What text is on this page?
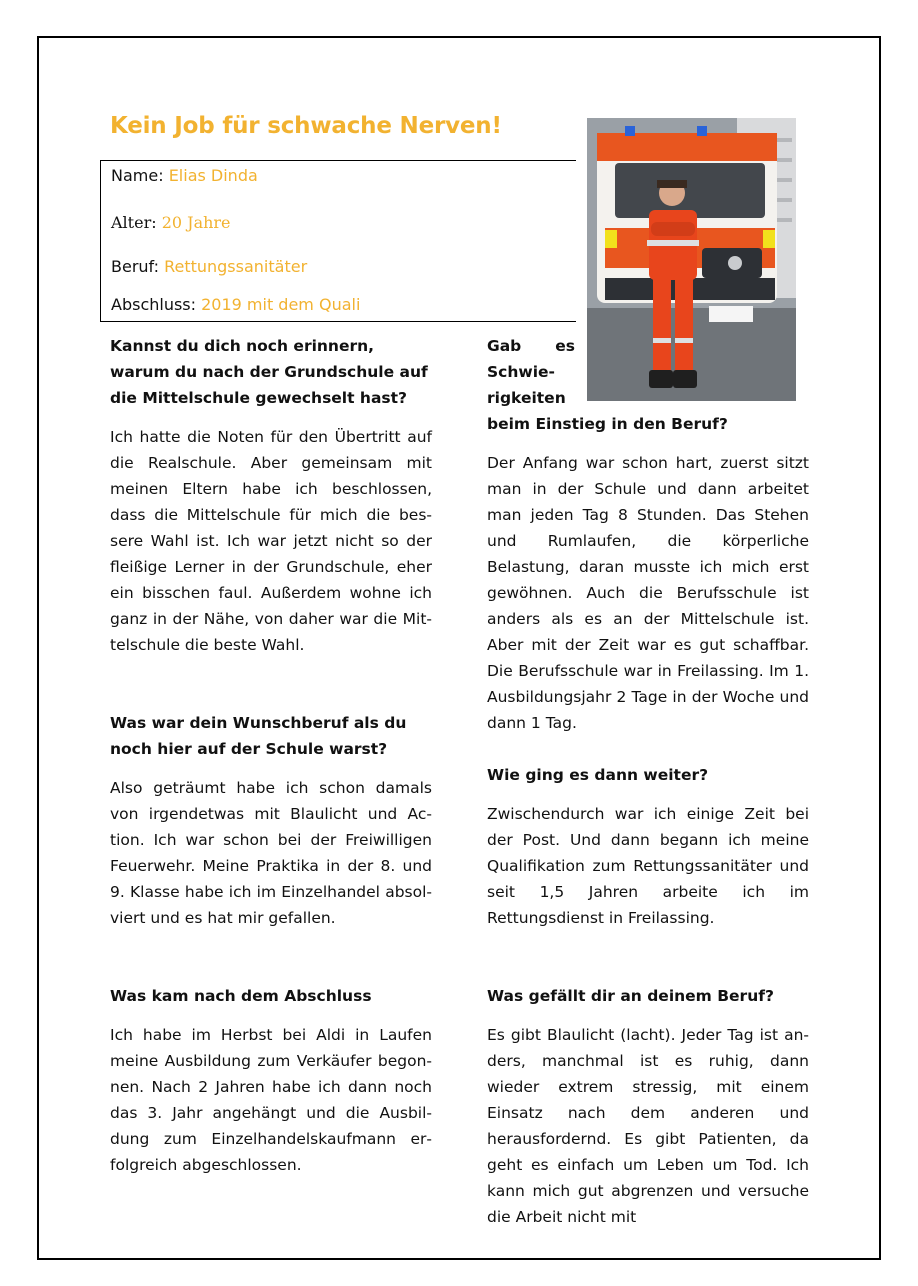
Kein Job für schwache Nerven!
Name: Elias Dinda
Alter: 20 Jahre
Beruf: Rettungssanitäter
Abschluss: 2019 mit dem Quali
Kannst du dich noch erinnern, warum du nach der Grundschule auf die Mittelschule gewechselt hast?
Ich hatte die Noten für den Übertritt auf die Realschule. Aber gemeinsam mit meinen Eltern habe ich beschlossen, dass die Mittelschule für mich die bessere Wahl ist. Ich war jetzt nicht so der fleißige Lerner in der Grundschule, eher ein bisschen faul. Außerdem wohne ich ganz in der Nähe, von daher war die Mittelschule die beste Wahl.
Was war dein Wunschberuf als du noch hier auf der Schule warst?
Also geträumt habe ich schon damals von irgendetwas mit Blaulicht und Action. Ich war schon bei der Freiwilligen Feuerwehr. Meine Praktika in der 8. und 9. Klasse habe ich im Einzelhandel absolviert und es hat mir gefallen.
Was kam nach dem Abschluss
Ich habe im Herbst bei Aldi in Laufen meine Ausbildung zum Verkäufer begonnen. Nach 2 Jahren habe ich dann noch das 3. Jahr angehängt und die Ausbildung zum Einzelhandelskaufmann erfolgreich abgeschlossen.
Gab es
Schwie-
rigkeiten
beim Einstieg in den Beruf?
Der Anfang war schon hart, zuerst sitzt man in der Schule und dann arbeitet man jeden Tag 8 Stunden. Das Stehen und Rumlaufen, die körperliche Belastung, daran musste ich mich erst gewöhnen. Auch die Berufsschule ist anders als es an der Mittelschule ist. Aber mit der Zeit war es gut schaffbar. Die Berufsschule war in Freilassing. Im 1. Ausbildungsjahr 2 Tage in der Woche und dann 1 Tag.
Wie ging es dann weiter?
Zwischendurch war ich einige Zeit bei der Post. Und dann begann ich meine Qualifikation zum Rettungssanitäter und seit 1,5 Jahren arbeite ich im Rettungsdienst in Freilassing.
Was gefällt dir an deinem Beruf?
Es gibt Blaulicht (lacht). Jeder Tag ist anders, manchmal ist es ruhig, dann wieder extrem stressig, mit einem Einsatz nach dem anderen und herausfordernd. Es gibt Patienten, da geht es einfach um Leben um Tod. Ich kann mich gut abgrenzen und versuche die Arbeit nicht mit
